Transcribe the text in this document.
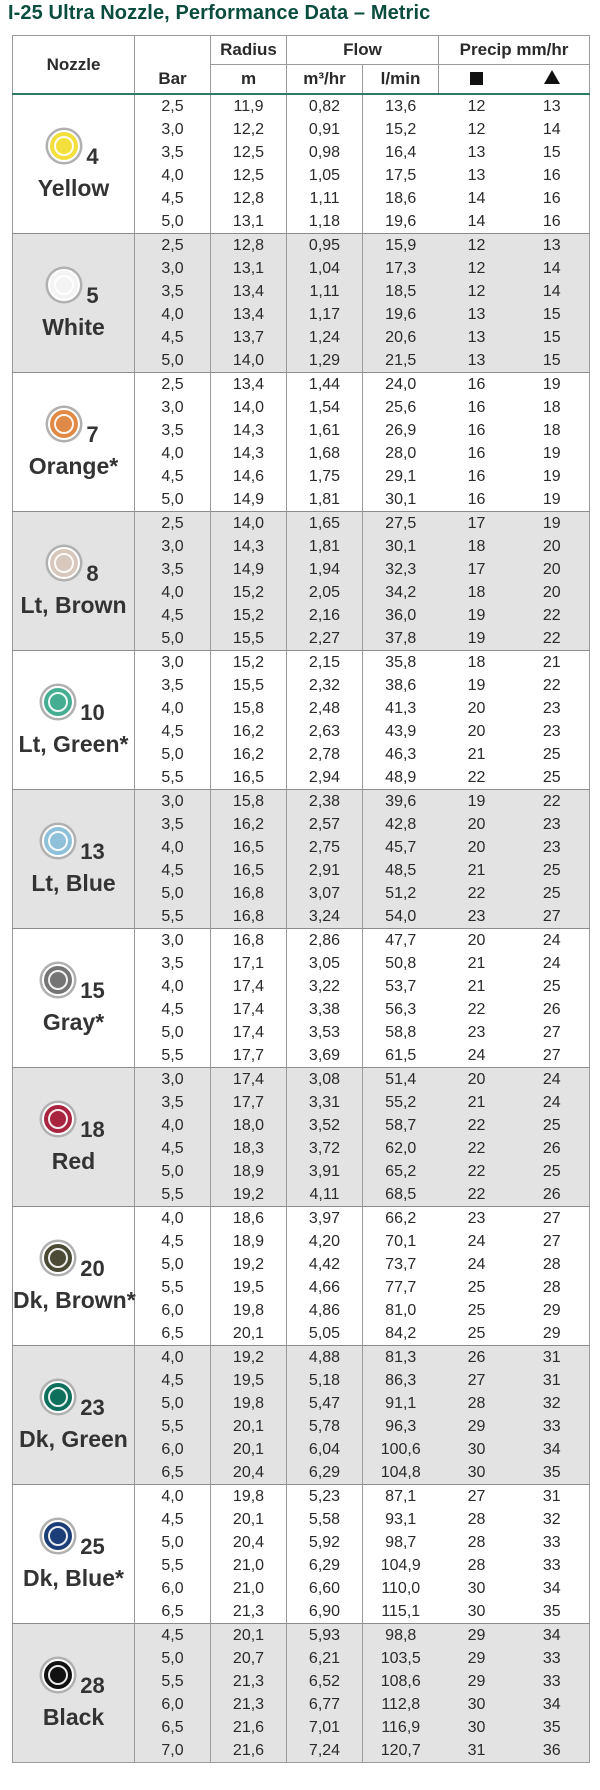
I-25 Ultra Nozzle, Performance Data – Metric
Nozzle		Radius	Flow		Precip mm/hr	
	Bar	m	m³/hr	l/min		

4
Yellow	2,5	11,9	0,82	13,6	12	13
	3,0	12,2	0,91	15,2	12	14
	3,5	12,5	0,98	16,4	13	15
	4,0	12,5	1,05	17,5	13	16
	4,5	12,8	1,11	18,6	14	16
	5,0	13,1	1,18	19,6	14	16

5
White	2,5	12,8	0,95	15,9	12	13
	3,0	13,1	1,04	17,3	12	14
	3,5	13,4	1,11	18,5	12	14
	4,0	13,4	1,17	19,6	13	15
	4,5	13,7	1,24	20,6	13	15
	5,0	14,0	1,29	21,5	13	15

7
Orange*	2,5	13,4	1,44	24,0	16	19
	3,0	14,0	1,54	25,6	16	18
	3,5	14,3	1,61	26,9	16	18
	4,0	14,3	1,68	28,0	16	19
	4,5	14,6	1,75	29,1	16	19
	5,0	14,9	1,81	30,1	16	19

8
Lt, Brown	2,5	14,0	1,65	27,5	17	19
	3,0	14,3	1,81	30,1	18	20
	3,5	14,9	1,94	32,3	17	20
	4,0	15,2	2,05	34,2	18	20
	4,5	15,2	2,16	36,0	19	22
	5,0	15,5	2,27	37,8	19	22

10
Lt, Green*	3,0	15,2	2,15	35,8	18	21
	3,5	15,5	2,32	38,6	19	22
	4,0	15,8	2,48	41,3	20	23
	4,5	16,2	2,63	43,9	20	23
	5,0	16,2	2,78	46,3	21	25
	5,5	16,5	2,94	48,9	22	25

13
Lt, Blue	3,0	15,8	2,38	39,6	19	22
	3,5	16,2	2,57	42,8	20	23
	4,0	16,5	2,75	45,7	20	23
	4,5	16,5	2,91	48,5	21	25
	5,0	16,8	3,07	51,2	22	25
	5,5	16,8	3,24	54,0	23	27

15
Gray*	3,0	16,8	2,86	47,7	20	24
	3,5	17,1	3,05	50,8	21	24
	4,0	17,4	3,22	53,7	21	25
	4,5	17,4	3,38	56,3	22	26
	5,0	17,4	3,53	58,8	23	27
	5,5	17,7	3,69	61,5	24	27

18
Red	3,0	17,4	3,08	51,4	20	24
	3,5	17,7	3,31	55,2	21	24
	4,0	18,0	3,52	58,7	22	25
	4,5	18,3	3,72	62,0	22	26
	5,0	18,9	3,91	65,2	22	25
	5,5	19,2	4,11	68,5	22	26

20
Dk, Brown*	4,0	18,6	3,97	66,2	23	27
	4,5	18,9	4,20	70,1	24	27
	5,0	19,2	4,42	73,7	24	28
	5,5	19,5	4,66	77,7	25	28
	6,0	19,8	4,86	81,0	25	29
	6,5	20,1	5,05	84,2	25	29

23
Dk, Green	4,0	19,2	4,88	81,3	26	31
	4,5	19,5	5,18	86,3	27	31
	5,0	19,8	5,47	91,1	28	32
	5,5	20,1	5,78	96,3	29	33
	6,0	20,1	6,04	100,6	30	34
	6,5	20,4	6,29	104,8	30	35

25
Dk, Blue*	4,0	19,8	5,23	87,1	27	31
	4,5	20,1	5,58	93,1	28	32
	5,0	20,4	5,92	98,7	28	33
	5,5	21,0	6,29	104,9	28	33
	6,0	21,0	6,60	110,0	30	34
	6,5	21,3	6,90	115,1	30	35

28
Black	4,5	20,1	5,93	98,8	29	34
	5,0	20,7	6,21	103,5	29	33
	5,5	21,3	6,52	108,6	29	33
	6,0	21,3	6,77	112,8	30	34
	6,5	21,6	7,01	116,9	30	35
	7,0	21,6	7,24	120,7	31	36
